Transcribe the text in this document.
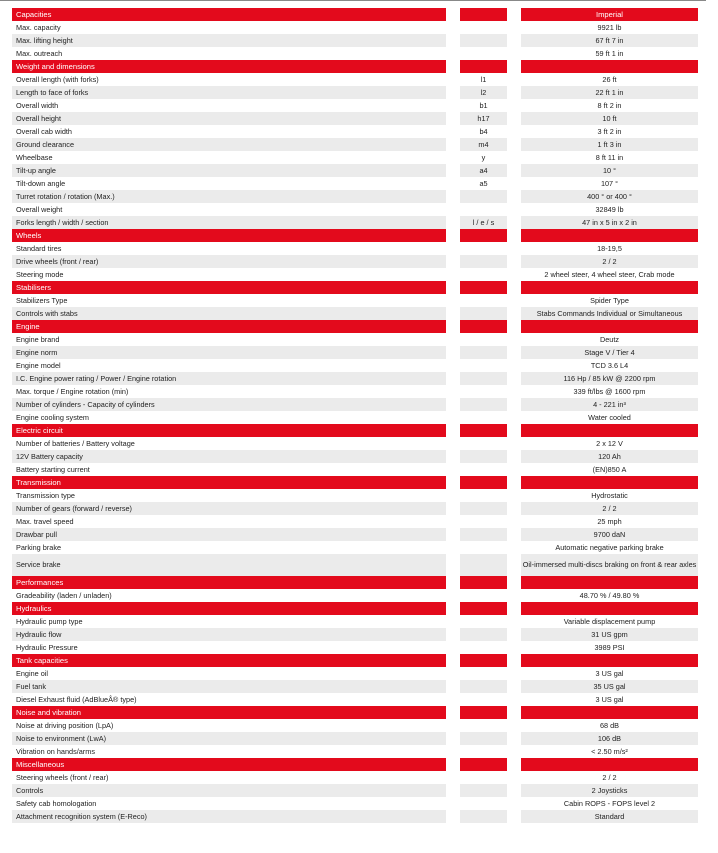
Capacities	Imperial
Max. capacity	9921 lb
Max. lifting height	67 ft 7 in
Max. outreach	59 ft 1 in
Weight and dimensions
Overall length (with forks)	l1	26 ft
Length to face of forks	l2	22 ft 1 in
Overall width	b1	8 ft 2 in
Overall height	h17	10 ft
Overall cab width	b4	3 ft 2 in
Ground clearance	m4	1 ft 3 in
Wheelbase	y	8 ft 11 in
Tilt-up angle	a4	10 °
Tilt-down angle	a5	107 °
Turret rotation / rotation (Max.)	400 ° or 400 °
Overall weight	32849 lb
Forks length / width / section	l / e / s	47 in x 5 in x 2 in
Wheels
Standard tires	18-19,5
Drive wheels (front / rear)	2 / 2
Steering mode	2 wheel steer, 4 wheel steer, Crab mode
Stabilisers
Stabilizers Type	Spider Type
Controls with stabs	Stabs Commands Individual or Simultaneous
Engine
Engine brand	Deutz
Engine norm	Stage V / Tier 4
Engine model	TCD 3.6 L4
I.C. Engine power rating / Power / Engine rotation	116 Hp / 85 kW @ 2200 rpm
Max. torque / Engine rotation (min)	339 ft/lbs @ 1600 rpm
Number of cylinders - Capacity of cylinders	4 - 221 in³
Engine cooling system	Water cooled
Electric circuit
Number of batteries / Battery voltage	2 x 12 V
12V Battery capacity	120 Ah
Battery starting current	(EN)850 A
Transmission
Transmission type	Hydrostatic
Number of gears (forward / reverse)	2 / 2
Max. travel speed	25 mph
Drawbar pull	9700 daN
Parking brake	Automatic negative parking brake
Service brake	Oil-immersed multi-discs braking on front & rear axles
Performances
Gradeability (laden / unladen)	48.70 % / 49.80 %
Hydraulics
Hydraulic pump type	Variable displacement pump
Hydraulic flow	31 US gpm
Hydraulic Pressure	3989 PSI
Tank capacities
Engine oil	3 US gal
Fuel tank	35 US gal
Diesel Exhaust fluid (AdBlueÂ® type)	3 US gal
Noise and vibration
Noise at driving position (LpA)	68 dB
Noise to environment (LwA)	106 dB
Vibration on hands/arms	< 2.50 m/s²
Miscellaneous
Steering wheels (front / rear)	2 / 2
Controls	2 Joysticks
Safety cab homologation	Cabin ROPS - FOPS level 2
Attachment recognition system (E-Reco)	Standard
